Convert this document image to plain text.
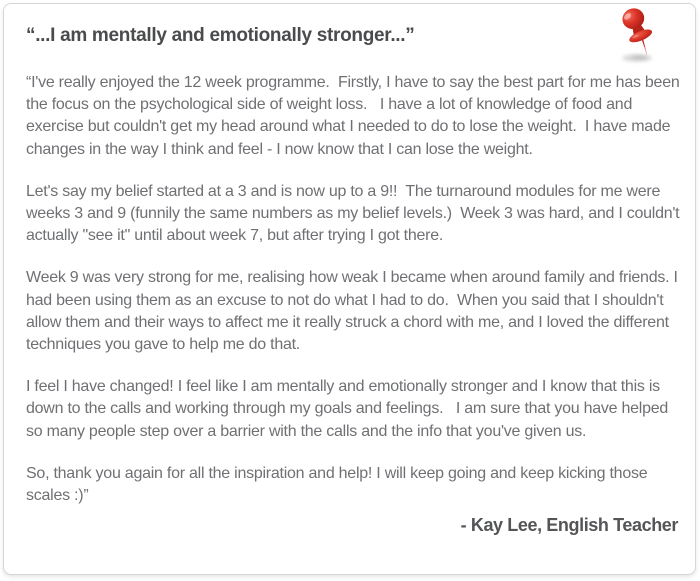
“...I am mentally and emotionally stronger...”

“I've really enjoyed the 12 week programme.  Firstly, I have to say the best part for me has been the focus on the psychological side of weight loss.   I have a lot of knowledge of food and exercise but couldn't get my head around what I needed to do to lose the weight.  I have made changes in the way I think and feel - I now know that I can lose the weight.

Let's say my belief started at a 3 and is now up to a 9!!  The turnaround modules for me were weeks 3 and 9 (funnily the same numbers as my belief levels.)  Week 3 was hard, and I couldn't actually "see it" until about week 7, but after trying I got there.

Week 9 was very strong for me, realising how weak I became when around family and friends. I had been using them as an excuse to not do what I had to do.  When you said that I shouldn't allow them and their ways to affect me it really struck a chord with me, and I loved the different techniques you gave to help me do that.

I feel I have changed! I feel like I am mentally and emotionally stronger and I know that this is down to the calls and working through my goals and feelings.   I am sure that you have helped so many people step over a barrier with the calls and the info that you've given us.

So, thank you again for all the inspiration and help! I will keep going and keep kicking those scales :)”

- Kay Lee, English Teacher
